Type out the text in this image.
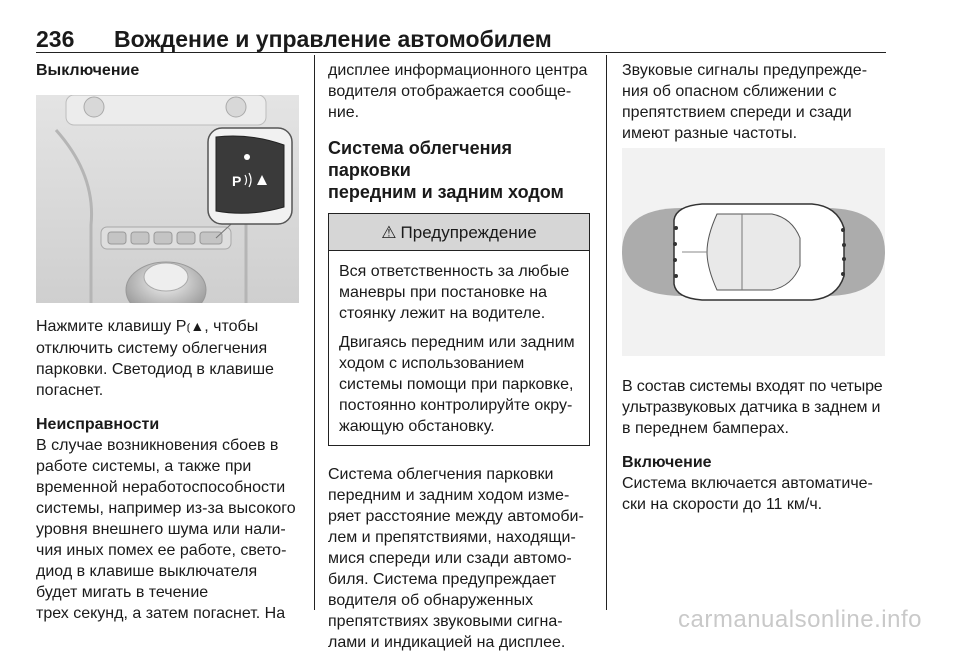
236 Вождение и управление автомобилем

Выключение

P

Нажмите клавишу P⦅▲, чтобы

отключить систему облегчения

парковки. Светодиод в клавише

погаснет.

Неисправности

В случае возникновения сбоев в

работе системы, а также при

временной неработоспособности

системы, например из-за высокого

уровня внешнего шума или нали-

чия иных помех ее работе, свето-

диод в клавише выключателя

будет мигать в течение

трех секунд, а затем погаснет. На

дисплее информационного центра

водителя отображается сообще-

ние.

Система облегчения парковки

передним и задним ходом

⚠ Предупреждение

Вся ответственность за любые

маневры при постановке на

стоянку лежит на водителе.

Двигаясь передним или задним

ходом с использованием

системы помощи при парковке,

постоянно контролируйте окру-

жающую обстановку.

Система облегчения парковки

передним и задним ходом изме-

ряет расстояние между автомоби-

лем и препятствиями, находящи-

мися спереди или сзади автомо-

биля. Система предупреждает

водителя об обнаруженных

препятствиях звуковыми сигна-

лами и индикацией на дисплее.

Звуковые сигналы предупрежде-

ния об опасном сближении с

препятствием спереди и сзади

имеют разные частоты.

В состав системы входят по четыре

ультразвуковых датчика в заднем и

в переднем бамперах.

Включение

Система включается автоматиче-

ски на скорости до 11 км/ч.

carmanualsonline.info
